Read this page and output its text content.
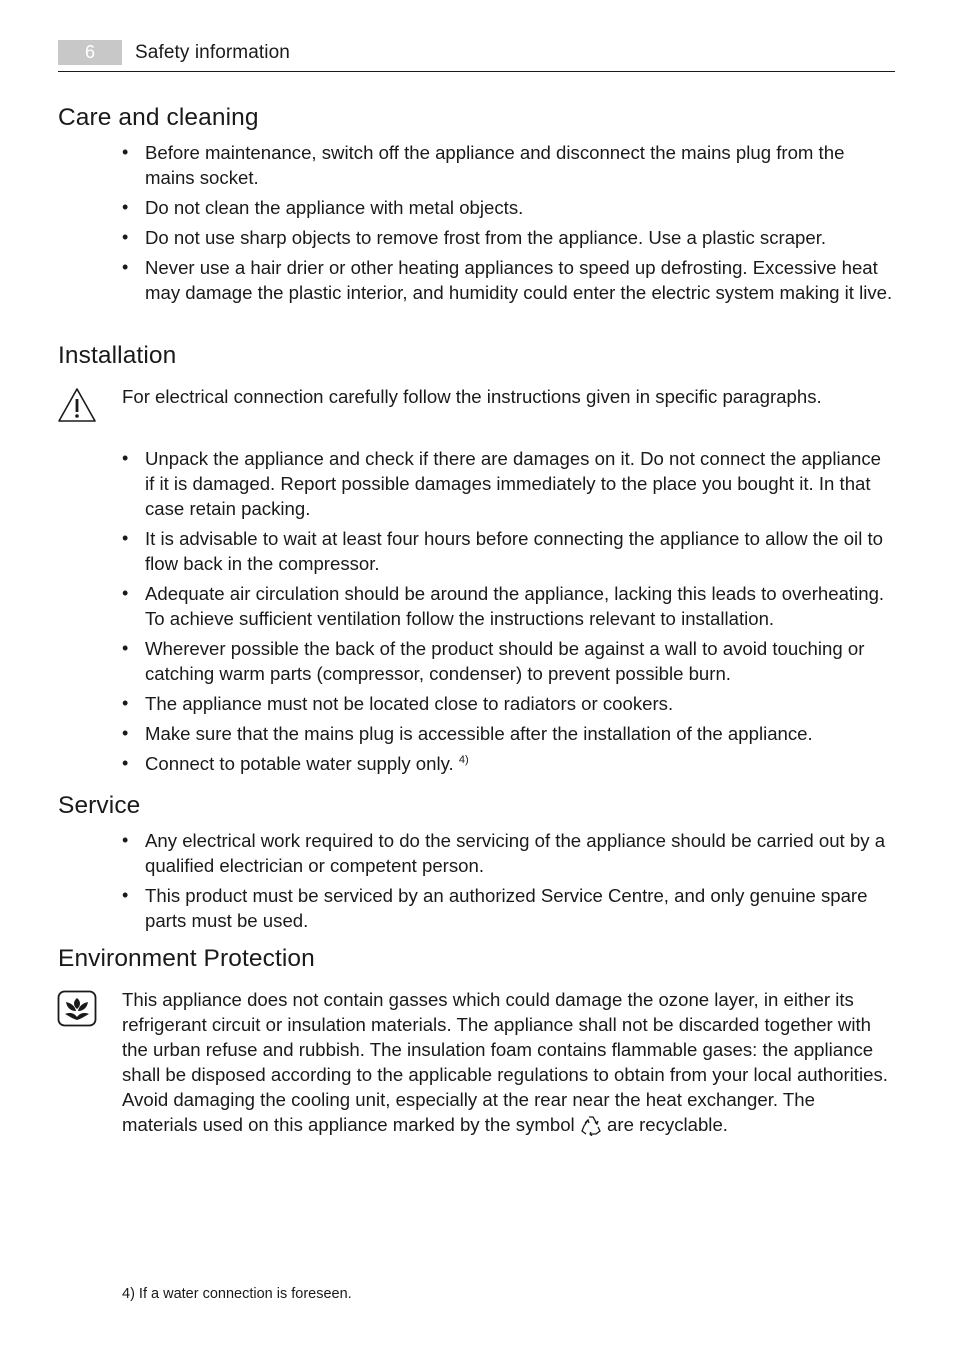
6	Safety information
Care and cleaning
• Before maintenance, switch off the appliance and disconnect the mains plug from the mains socket.
• Do not clean the appliance with metal objects.
• Do not use sharp objects to remove frost from the appliance. Use a plastic scraper.
• Never use a hair drier or other heating appliances to speed up defrosting. Excessive heat may damage the plastic interior, and humidity could enter the electric system making it live.
Installation
For electrical connection carefully follow the instructions given in specific paragraphs.
• Unpack the appliance and check if there are damages on it. Do not connect the appliance if it is damaged. Report possible damages immediately to the place you bought it. In that case retain packing.
• It is advisable to wait at least four hours before connecting the appliance to allow the oil to flow back in the compressor.
• Adequate air circulation should be around the appliance, lacking this leads to overheating. To achieve sufficient ventilation follow the instructions relevant to installation.
• Wherever possible the back of the product should be against a wall to avoid touching or catching warm parts (compressor, condenser) to prevent possible burn.
• The appliance must not be located close to radiators or cookers.
• Make sure that the mains plug is accessible after the installation of the appliance.
• Connect to potable water supply only. $^{4)}$
Service
• Any electrical work required to do the servicing of the appliance should be carried out by a qualified electrician or competent person.
• This product must be serviced by an authorized Service Centre, and only genuine spare parts must be used.
Environment Protection
This appliance does not contain gasses which could damage the ozone layer, in either its refrigerant circuit or insulation materials. The appliance shall not be discarded together with the urban refuse and rubbish. The insulation foam contains flammable gases: the appliance shall be disposed according to the applicable regulations to obtain from your local authorities. Avoid damaging the cooling unit, especially at the rear near the heat exchanger. The materials used on this appliance marked by the symbol are recyclable.
4) If a water connection is foreseen.
